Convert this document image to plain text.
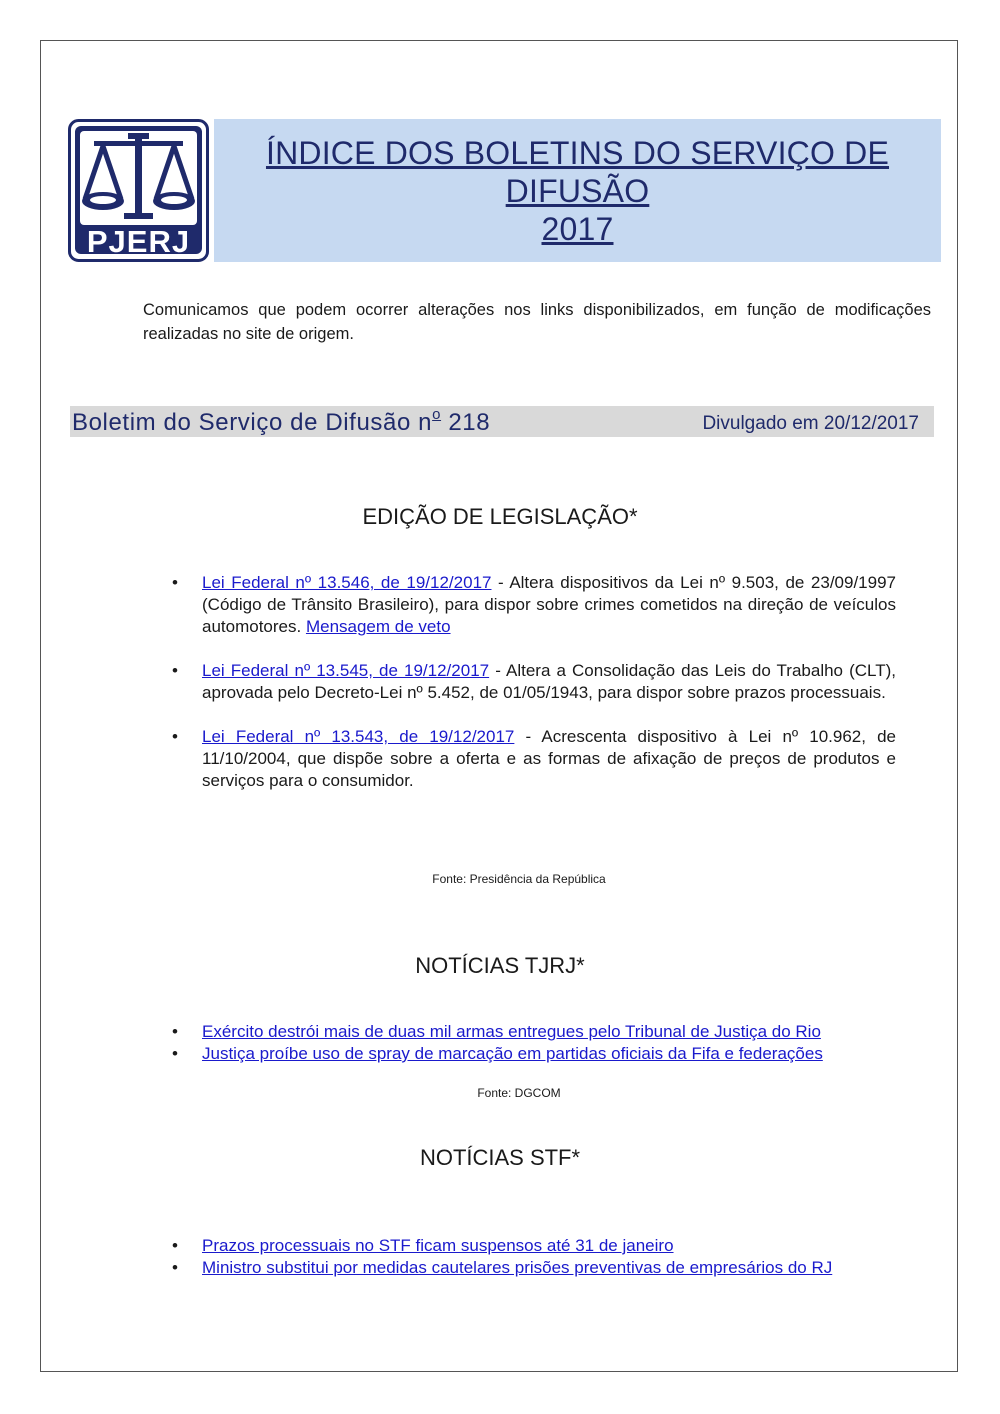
PJERJ
ÍNDICE DOS BOLETINS DO SERVIÇO DE
DIFUSÃO
2017
Comunicamos que podem ocorrer alterações nos links disponibilizados, em função de modificações realizadas no site de origem.
Boletim do Serviço de Difusão $n^o$ 218	Divulgado em 20/12/2017
EDIÇÃO DE LEGISLAÇÃO*
• Lei Federal nº 13.546, de 19/12/2017 - Altera dispositivos da Lei nº 9.503, de 23/09/1997 (Código de Trânsito Brasileiro), para dispor sobre crimes cometidos na direção de veículos automotores. Mensagem de veto
• Lei Federal nº 13.545, de 19/12/2017 - Altera a Consolidação das Leis do Trabalho (CLT), aprovada pelo Decreto-Lei nº 5.452, de 01/05/1943, para dispor sobre prazos processuais.
• Lei Federal nº 13.543, de 19/12/2017 - Acrescenta dispositivo à Lei nº 10.962, de 11/10/2004, que dispõe sobre a oferta e as formas de afixação de preços de produtos e serviços para o consumidor.
Fonte: Presidência da República
NOTÍCIAS TJRJ*
• Exército destrói mais de duas mil armas entregues pelo Tribunal de Justiça do Rio
• Justiça proíbe uso de spray de marcação em partidas oficiais da Fifa e federações
Fonte: DGCOM
NOTÍCIAS STF*
• Prazos processuais no STF ficam suspensos até 31 de janeiro
• Ministro substitui por medidas cautelares prisões preventivas de empresários do RJ
